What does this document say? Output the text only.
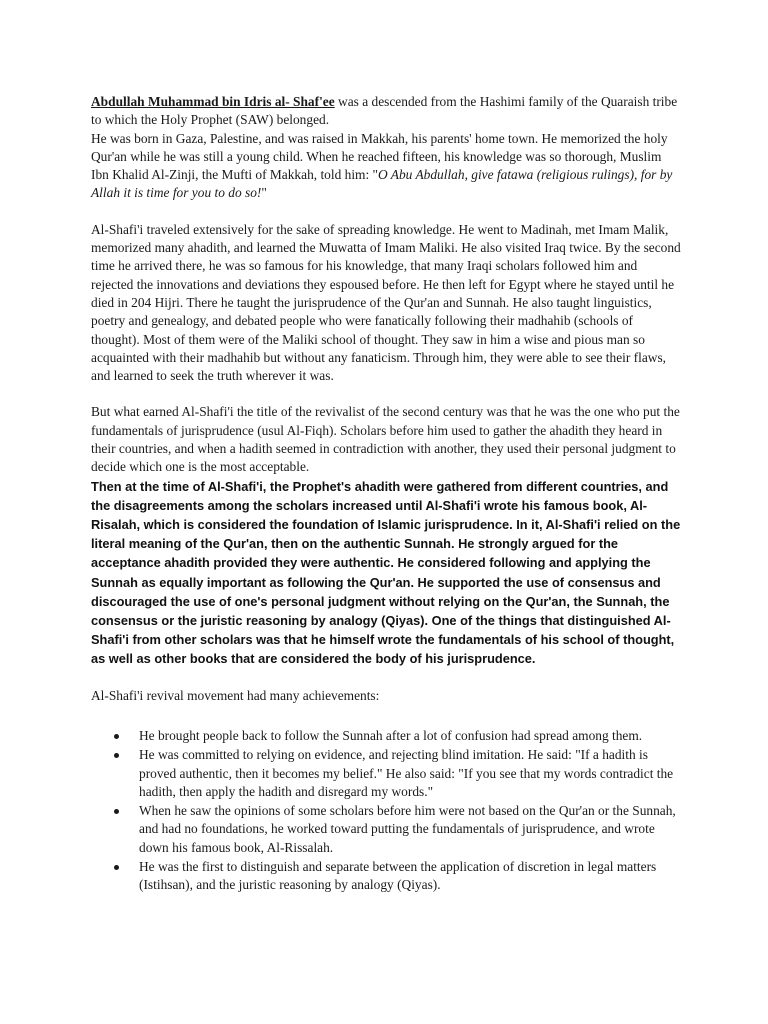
Abdullah Muhammad bin Idris al- Shaf'ee was a descended from the Hashimi family of the Quaraish tribe to which the Holy Prophet (SAW) belonged.

He was born in Gaza, Palestine, and was raised in Makkah, his parents' home town. He memorized the holy Qur'an while he was still a young child. When he reached fifteen, his knowledge was so thorough, Muslim Ibn Khalid Al-Zinji, the Mufti of Makkah, told him: "O Abu Abdullah, give fatawa (religious rulings), for by Allah it is time for you to do so!"

Al-Shafi'i traveled extensively for the sake of spreading knowledge. He went to Madinah, met Imam Malik, memorized many ahadith, and learned the Muwatta of Imam Maliki. He also visited Iraq twice. By the second time he arrived there, he was so famous for his knowledge, that many Iraqi scholars followed him and rejected the innovations and deviations they espoused before. He then left for Egypt where he stayed until he died in 204 Hijri. There he taught the jurisprudence of the Qur'an and Sunnah. He also taught linguistics, poetry and genealogy, and debated people who were fanatically following their madhahib (schools of thought). Most of them were of the Maliki school of thought. They saw in him a wise and pious man so acquainted with their madhahib but without any fanaticism. Through him, they were able to see their flaws, and learned to seek the truth wherever it was.

But what earned Al-Shafi'i the title of the revivalist of the second century was that he was the one who put the fundamentals of jurisprudence (usul Al-Fiqh). Scholars before him used to gather the ahadith they heard in their countries, and when a hadith seemed in contradiction with another, they used their personal judgment to decide which one is the most acceptable.

Then at the time of Al-Shafi'i, the Prophet's ahadith were gathered from different countries, and the disagreements among the scholars increased until Al-Shafi'i wrote his famous book, Al-Risalah, which is considered the foundation of Islamic jurisprudence. In it, Al-Shafi'i relied on the literal meaning of the Qur'an, then on the authentic Sunnah. He strongly argued for the acceptance ahadith provided they were authentic. He considered following and applying the Sunnah as equally important as following the Qur'an. He supported the use of consensus and discouraged the use of one's personal judgment without relying on the Qur'an, the Sunnah, the consensus or the juristic reasoning by analogy (Qiyas). One of the things that distinguished Al-Shafi'i from other scholars was that he himself wrote the fundamentals of his school of thought, as well as other books that are considered the body of his jurisprudence.

Al-Shafi'i revival movement had many achievements:

He brought people back to follow the Sunnah after a lot of confusion had spread among them.
He was committed to relying on evidence, and rejecting blind imitation. He said: "If a hadith is proved authentic, then it becomes my belief." He also said: "If you see that my words contradict the hadith, then apply the hadith and disregard my words."
When he saw the opinions of some scholars before him were not based on the Qur'an or the Sunnah, and had no foundations, he worked toward putting the fundamentals of jurisprudence, and wrote down his famous book, Al-Rissalah.
He was the first to distinguish and separate between the application of discretion in legal matters (Istihsan), and the juristic reasoning by analogy (Qiyas).
